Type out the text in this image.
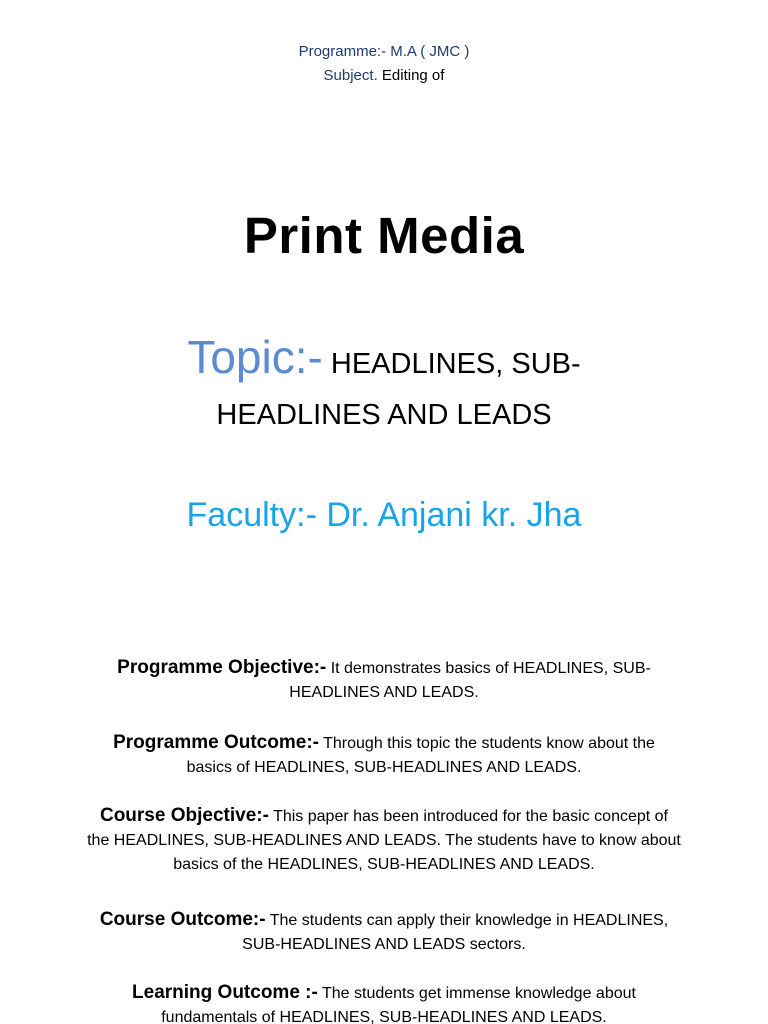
Programme:- M.A ( JMC )
Subject. Editing of
Print Media
Topic:- HEADLINES, SUB-
HEADLINES AND LEADS
Faculty:- Dr. Anjani kr. Jha
Programme Objective:- It demonstrates basics of HEADLINES, SUB-
HEADLINES AND LEADS.
Programme Outcome:- Through this topic the students know about the
basics of HEADLINES, SUB-HEADLINES AND LEADS.
Course Objective:- This paper has been introduced for the basic concept of
the HEADLINES, SUB-HEADLINES AND LEADS. The students have to know about
basics of the HEADLINES, SUB-HEADLINES AND LEADS.
Course Outcome:- The students can apply their knowledge in HEADLINES,
SUB-HEADLINES AND LEADS sectors.
Learning Outcome :- The students get immense knowledge about
fundamentals of HEADLINES, SUB-HEADLINES AND LEADS.
